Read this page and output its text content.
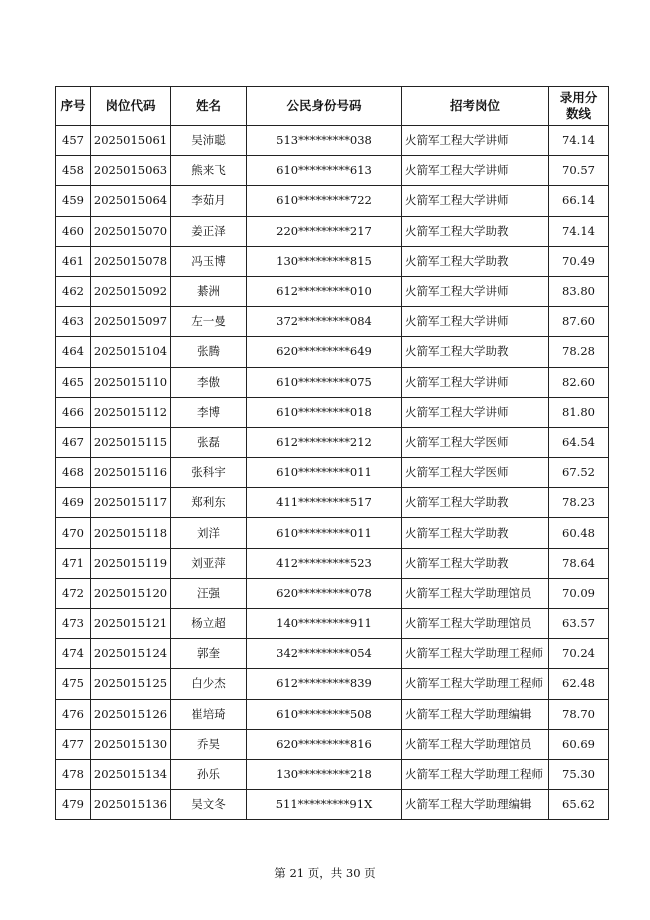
序号	岗位代码	姓名	公民身份号码	招考岗位	录用分数线
457	2025015061	吴沛聪	513*********038	火箭军工程大学讲师	74.14
458	2025015063	熊来飞	610*********613	火箭军工程大学讲师	70.57
459	2025015064	李茹月	610*********722	火箭军工程大学讲师	66.14
460	2025015070	姜正泽	220*********217	火箭军工程大学助教	74.14
461	2025015078	冯玉博	130*********815	火箭军工程大学助教	70.49
462	2025015092	綦洲	612*********010	火箭军工程大学讲师	83.80
463	2025015097	左一曼	372*********084	火箭军工程大学讲师	87.60
464	2025015104	张腾	620*********649	火箭军工程大学助教	78.28
465	2025015110	李傲	610*********075	火箭军工程大学讲师	82.60
466	2025015112	李博	610*********018	火箭军工程大学讲师	81.80
467	2025015115	张磊	612*********212	火箭军工程大学医师	64.54
468	2025015116	张科宇	610*********011	火箭军工程大学医师	67.52
469	2025015117	郑利东	411*********517	火箭军工程大学助教	78.23
470	2025015118	刘洋	610*********011	火箭军工程大学助教	60.48
471	2025015119	刘亚萍	412*********523	火箭军工程大学助教	78.64
472	2025015120	汪强	620*********078	火箭军工程大学助理馆员	70.09
473	2025015121	杨立超	140*********911	火箭军工程大学助理馆员	63.57
474	2025015124	郭奎	342*********054	火箭军工程大学助理工程师	70.24
475	2025015125	白少杰	612*********839	火箭军工程大学助理工程师	62.48
476	2025015126	崔培琦	610*********508	火箭军工程大学助理编辑	78.70
477	2025015130	乔昊	620*********816	火箭军工程大学助理馆员	60.69
478	2025015134	孙乐	130*********218	火箭军工程大学助理工程师	75.30
479	2025015136	吴文冬	511*********91X	火箭军工程大学助理编辑	65.62
第 21 页，共 30 页
